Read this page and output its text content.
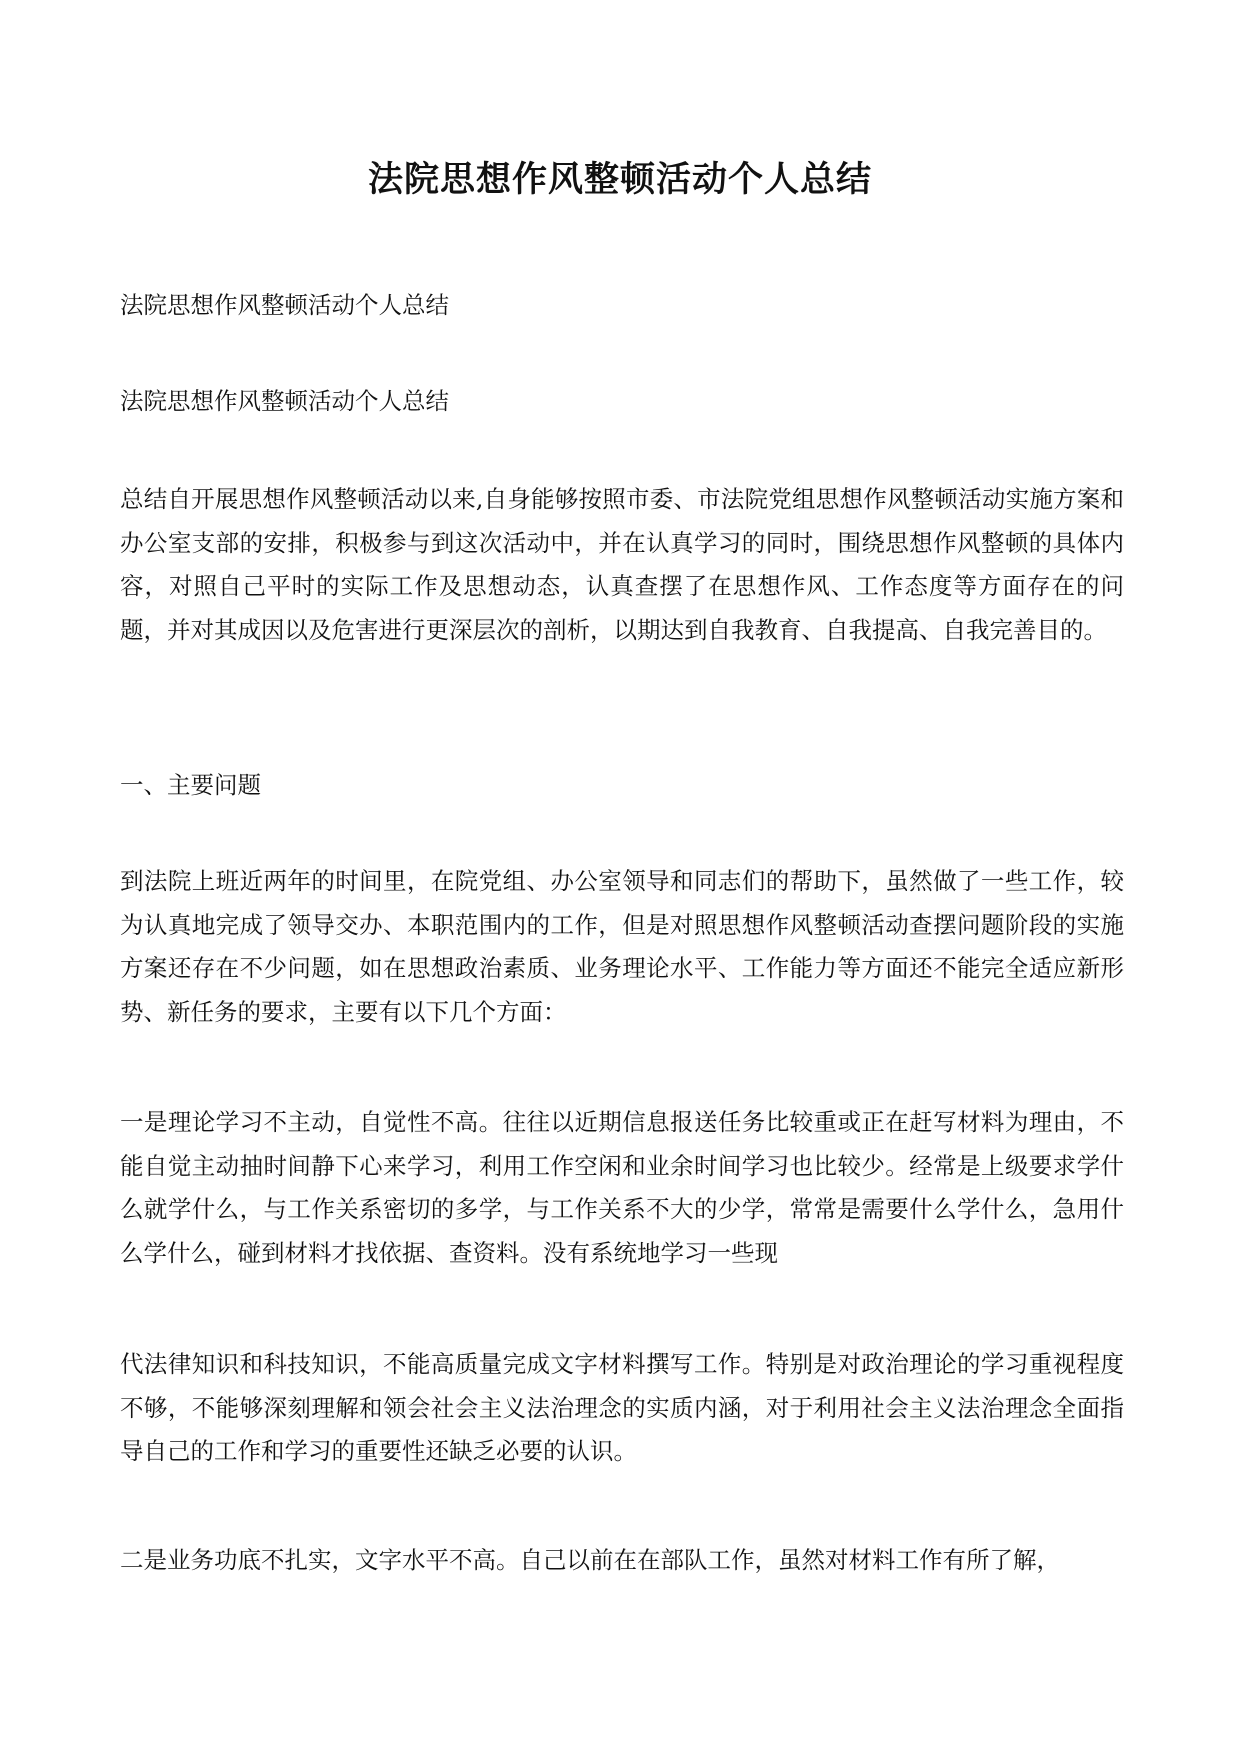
法院思想作风整顿活动个人总结

法院思想作风整顿活动个人总结

法院思想作风整顿活动个人总结

总结自开展思想作风整顿活动以来,自身能够按照市委、市法院党组思想作风整顿活动实施方案和办公室支部的安排，积极参与到这次活动中，并在认真学习的同时，围绕思想作风整顿的具体内容，对照自己平时的实际工作及思想动态，认真查摆了在思想作风、工作态度等方面存在的问题，并对其成因以及危害进行更深层次的剖析，以期达到自我教育、自我提高、自我完善目的。

一、主要问题

到法院上班近两年的时间里，在院党组、办公室领导和同志们的帮助下，虽然做了一些工作，较为认真地完成了领导交办、本职范围内的工作，但是对照思想作风整顿活动查摆问题阶段的实施方案还存在不少问题，如在思想政治素质、业务理论水平、工作能力等方面还不能完全适应新形势、新任务的要求，主要有以下几个方面：

一是理论学习不主动，自觉性不高。往往以近期信息报送任务比较重或正在赶写材料为理由，不能自觉主动抽时间静下心来学习，利用工作空闲和业余时间学习也比较少。经常是上级要求学什么就学什么，与工作关系密切的多学，与工作关系不大的少学，常常是需要什么学什么，急用什么学什么，碰到材料才找依据、查资料。没有系统地学习一些现

代法律知识和科技知识，不能高质量完成文字材料撰写工作。特别是对政治理论的学习重视程度不够，不能够深刻理解和领会社会主义法治理念的实质内涵，对于利用社会主义法治理念全面指导自己的工作和学习的重要性还缺乏必要的认识。

二是业务功底不扎实，文字水平不高。自己以前在在部队工作，虽然对材料工作有所了解，
